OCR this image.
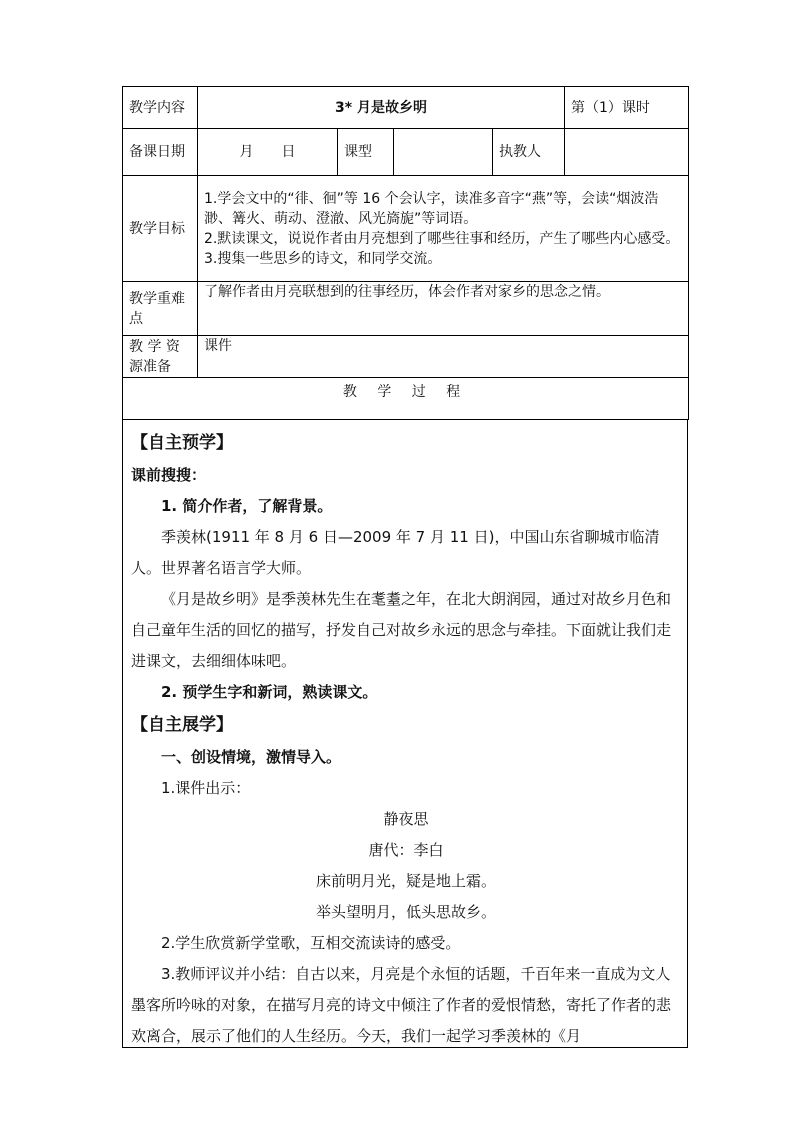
教学内容	3* 月是故乡明				第（1）课时
备课日期	月　　日	课型		执教人	
教学目标	1.学会文中的“徘、徊”等 16 个会认字，读准多音字“燕”等，会读“烟波浩渺、篝火、萌动、澄澈、风光旖旎”等词语。
2.默读课文，说说作者由月亮想到了哪些往事和经历，产生了哪些内心感受。
3.搜集一些思乡的诗文，和同学交流。				

教学重难点	了解作者由月亮联想到的往事经历，体会作者对家乡的思念之情。				
教 学 资源准备	课件				
教 学 过 程					
【自主预学】
课前搜搜：
1. 简介作者，了解背景。
季羡林(1911 年 8 月 6 日—2009 年 7 月 11 日)，中国山东省聊城市临清人。世界著名语言学大师。
《月是故乡明》是季羡林先生在耄耋之年，在北大朗润园，通过对故乡月色和自己童年生活的回忆的描写，抒发自己对故乡永远的思念与牵挂。下面就让我们走进课文，去细细体味吧。
2. 预学生字和新词，熟读课文。
【自主展学】
一、创设情境，激情导入。
1.课件出示：
静夜思
唐代：李白
床前明月光，疑是地上霜。
举头望明月，低头思故乡。
2.学生欣赏新学堂歌，互相交流读诗的感受。
3.教师评议并小结：自古以来，月亮是个永恒的话题，千百年来一直成为文人墨客所吟咏的对象，在描写月亮的诗文中倾注了作者的爱恨情愁，寄托了作者的悲欢离合，展示了他们的人生经历。今天，我们一起学习季羡林的《月
